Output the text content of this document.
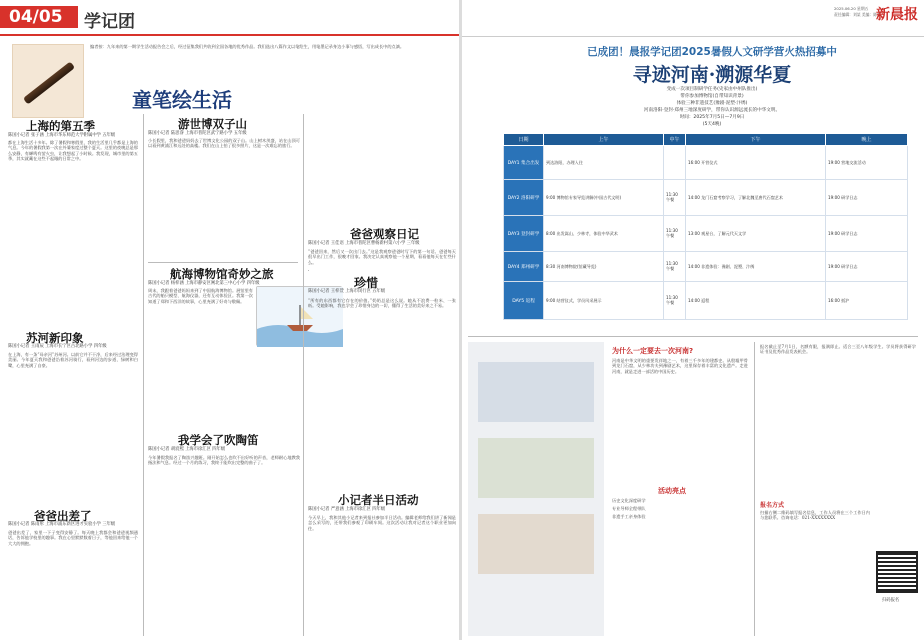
04/05	学记团
编者按：九年来的第一期学生活动报告会之后，经过征集我们共收到全国各地的优秀作品。我们选出八篇作文以笔绘生，用笔墨记录身边小事与感悟，写出成长中的点滴。
童笔绘生活
上海的第五季
陈国小记者 张子涵 上海市华东师范大学附属中学 五年级
都在上海生活十多年。除了暑假和寒假里，我的生活里几乎都是上海的气息。今年的暑假我第一次在外婆家度过整个夏天。这里的夜晚总是那么安静，有蝉鸣有萤火虫，让我想起了小时候。我发现，城市里的第五季，其实就藏在这些不起眼的日常之中。
苏河新印象
陈国小记者 王雨辰 上海市长宁区古北路小学 四年级
在上海，有一条“母亲河”苏州河。以前它并不干净，后来经过治理变得美丽。今年夏天我和爸爸沿着苏河骑行，看到河边的步道、绿树和白鹭，心里充满了自豪。
爸爸出差了
陈国小记者 陈雨彤 上海市浦东新区进才实验小学 三年级
爸爸出差了，家里一下子变得安静了。每天晚上我都会和爸爸视频通话，告诉他学校里的趣事。我在心里默默数着日子，等他回来给他一个大大的拥抱。
游世博双子山
陈国小记者 陆思睿 上海市普陀区武宁路小学 五年级
小长假里，我和爸爸妈妈去了世博文化公园的双子山。山上树木茂盛，站在山顶可以看到黄浦江和远处的高楼。我们在山上拍了很多照片，这是一次难忘的旅行。
航海博物馆奇妙之旅
陈国小记者 杨梓涵 上海市静安区闸北第三中心小学 四年级
周末，我跟着爸爸妈妈来到了中国航海博物馆。展馆里有古代的船只模型、航海仪器，还有互动体验区。我第一次知道了郑和下西洋的故事，心里充满了好奇与敬佩。
我学会了吹陶笛
陈国小记者 胡宸熙 上海市徐汇区 四年级
今年暑假我报名了陶笛兴趣班。刚开始怎么也吹不出好听的声音，老师耐心地教我指法和气息。经过一个月的练习，我终于能吹出完整的曲子了。
爸爸观察日记
陈国小记者 王佳语 上海市普陀区曹杨新村第六小学 三年级
“爸爸回来，然后又一次出门去。”这是我观察爸爸时写下的第一句话。爸爸每天很早出门工作，很晚才回家。我决定认真观察他一个星期，看看他每天在忙些什么。
珍惜
陈国小记者 王梓萱 上海市闵行区 五年级
“所有的东西都有它存在的价值。”奶奶总是这么说。她从不浪费一粒米、一张纸。受她影响，我也学会了珍惜身边的一切，懂得了生活的美好来之不易。
小记者半日活动
陈国小记者 严意涵 上海市徐汇区 四年级
今天早上，我和其他小记者来到报社参加半日活动。编辑老师给我们讲了新闻是怎么采写的，还带我们参观了印刷车间。这次活动让我对记者这个职业更加向往。
2025.06.20 星期五
责任编辑：刘某 美编：陈某
新晨报
已成团！晨报学记团2025暑假人文研学营火热招募中
寻迹河南·溯源华夏
变成一次项目制研学任务(史家由中州队推出)
带你参加博物馆(自带知识背景)
体验三种非遗技艺(豫剧·泥塑·汴绣)
河南洛阳·登封·郑州三地深度研学，带你认识源远流长的中华文明。
时间：2025年7月5日—7月9日
(5天4晚)
日期	上午	中午	下午	晚上
DAY1 集合出发	到达洛阳，办理入住		16:00 开营仪式	19:00 营地交流活动
DAY2 洛阳研学	9:00 博物馆专家导览讲解(中国古代文明)	11:30 午餐	14:00 龙门石窟考察学习，了解北魏至唐代石窟艺术	19:00 研学日志
DAY3 登封研学	8:00 出发嵩山、少林寺，体验中华武术	11:30 午餐	13:00 观星台，了解元代天文学	19:00 研学日志
DAY4 郑州研学	8:30 河南博物院(馆藏导览)	11:30 午餐	14:00 非遗体验：豫剧、泥塑、汴绣	19:00 研学日志
DAY5 返程	9:00 结营仪式，学员风采展示	11:30 午餐	14:00 返程	16:00 抵沪
为什么一定要去一次河南?
河南是中华文明的重要发祥地之一，有着三千多年的建都史。从殷墟甲骨到龙门石窟，从少林功夫到豫剧艺术，这里保存着丰富的文化遗产。走进河南，就是走进一部活的中国历史。
活动亮点
历史文化深度研学
专业导师全程带队
非遗手工亲身体验
报名截止至7月1日，名额有限，报满即止。适合三至八年级学生。学员将获得研学证书及优秀作品发表机会。
报名方式
扫描右侧二维码填写报名信息，工作人员将在三个工作日内与您联系。咨询电话：021-XXXXXXXX
扫码报名
